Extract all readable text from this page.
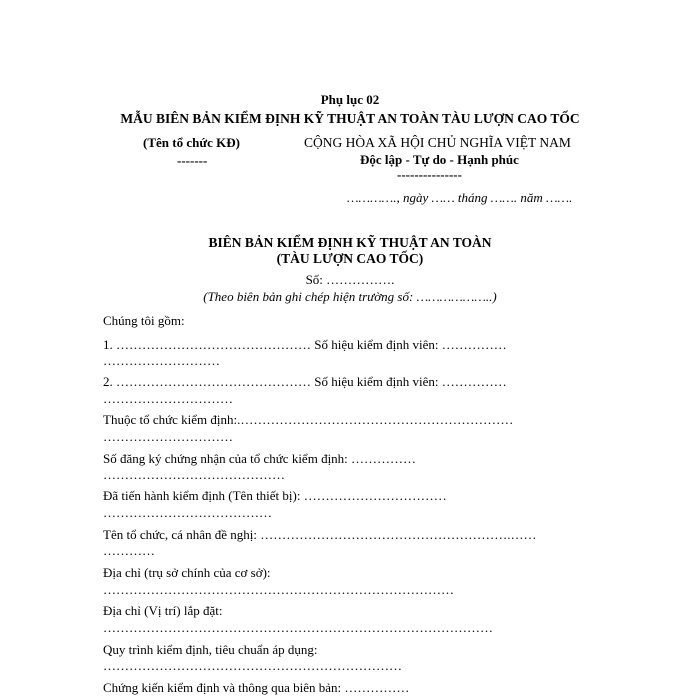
Phụ lục 02
MẪU BIÊN BẢN KIỂM ĐỊNH KỸ THUẬT AN TOÀN TÀU LƯỢN CAO TỐC
(Tên tổ chức KĐ)
-------
CỘNG HÒA XÃ HỘI CHỦ NGHĨA VIỆT NAM
Độc lập - Tự do - Hạnh phúc
---------------
…………., ngày …… tháng ……. năm …….
BIÊN BẢN KIỂM ĐỊNH KỸ THUẬT AN TOÀN
(TÀU LƯỢN CAO TỐC)
Số: …………….
(Theo biên bản ghi chép hiện trường số: ………………..)
Chúng tôi gồm:
1. ……………………………………… Số hiệu kiểm định viên: ……………
………………………
2. ……………………………………… Số hiệu kiểm định viên: ……………
…………………………
Thuộc tổ chức kiểm định:.………………………………………………………
…………………………
Số đăng ký chứng nhận của tổ chức kiểm định: ……………
……………………………………
Đã tiến hành kiểm định (Tên thiết bị): ……………………………
…………………………………
Tên tổ chức, cá nhân đề nghị: ………………………………………………….……
…………
Địa chỉ (trụ sở chính của cơ sở):
………………………………………………………………………
Địa chỉ (Vị trí) lắp đặt:
………………………………………………………………………………
Quy trình kiểm định, tiêu chuẩn áp dụng:
……………………………………………………………
Chứng kiến kiểm định và thông qua biên bản: ……………
